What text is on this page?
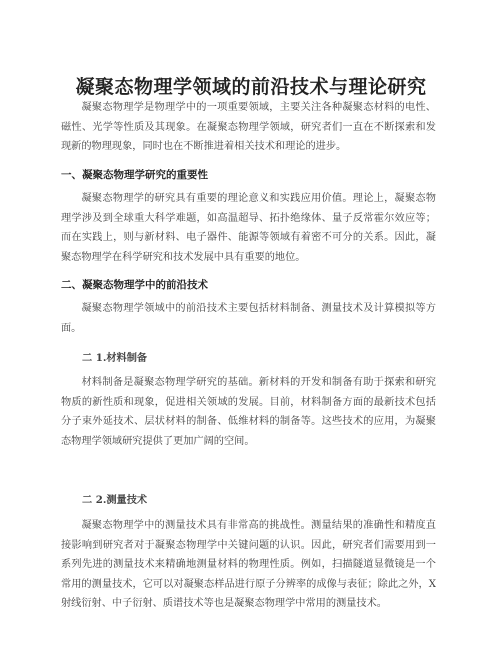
凝聚态物理学领域的前沿技术与理论研究

凝聚态物理学是物理学中的一项重要领域，主要关注各种凝聚态材料的电性、磁性、光学等性质及其现象。在凝聚态物理学领域，研究者们一直在不断探索和发现新的物理现象，同时也在不断推进着相关技术和理论的进步。

一、凝聚态物理学研究的重要性

凝聚态物理学的研究具有重要的理论意义和实践应用价值。理论上，凝聚态物理学涉及到全球重大科学难题，如高温超导、拓扑绝缘体、量子反常霍尔效应等；而在实践上，则与新材料、电子器件、能源等领域有着密不可分的关系。因此，凝聚态物理学在科学研究和技术发展中具有重要的地位。

二、凝聚态物理学中的前沿技术

凝聚态物理学领域中的前沿技术主要包括材料制备、测量技术及计算模拟等方面。

二 1.材料制备

材料制备是凝聚态物理学研究的基础。新材料的开发和制备有助于探索和研究物质的新性质和现象，促进相关领域的发展。目前，材料制备方面的最新技术包括分子束外延技术、层状材料的制备、低维材料的制备等。这些技术的应用，为凝聚态物理学领域研究提供了更加广阔的空间。

二 2.测量技术

凝聚态物理学中的测量技术具有非常高的挑战性。测量结果的准确性和精度直接影响到研究者对于凝聚态物理学中关键问题的认识。因此，研究者们需要用到一系列先进的测量技术来精确地测量材料的物理性质。例如，扫描隧道显微镜是一个常用的测量技术，它可以对凝聚态样品进行原子分辨率的成像与表征；除此之外，X 射线衍射、中子衍射、质谱技术等也是凝聚态物理学中常用的测量技术。
